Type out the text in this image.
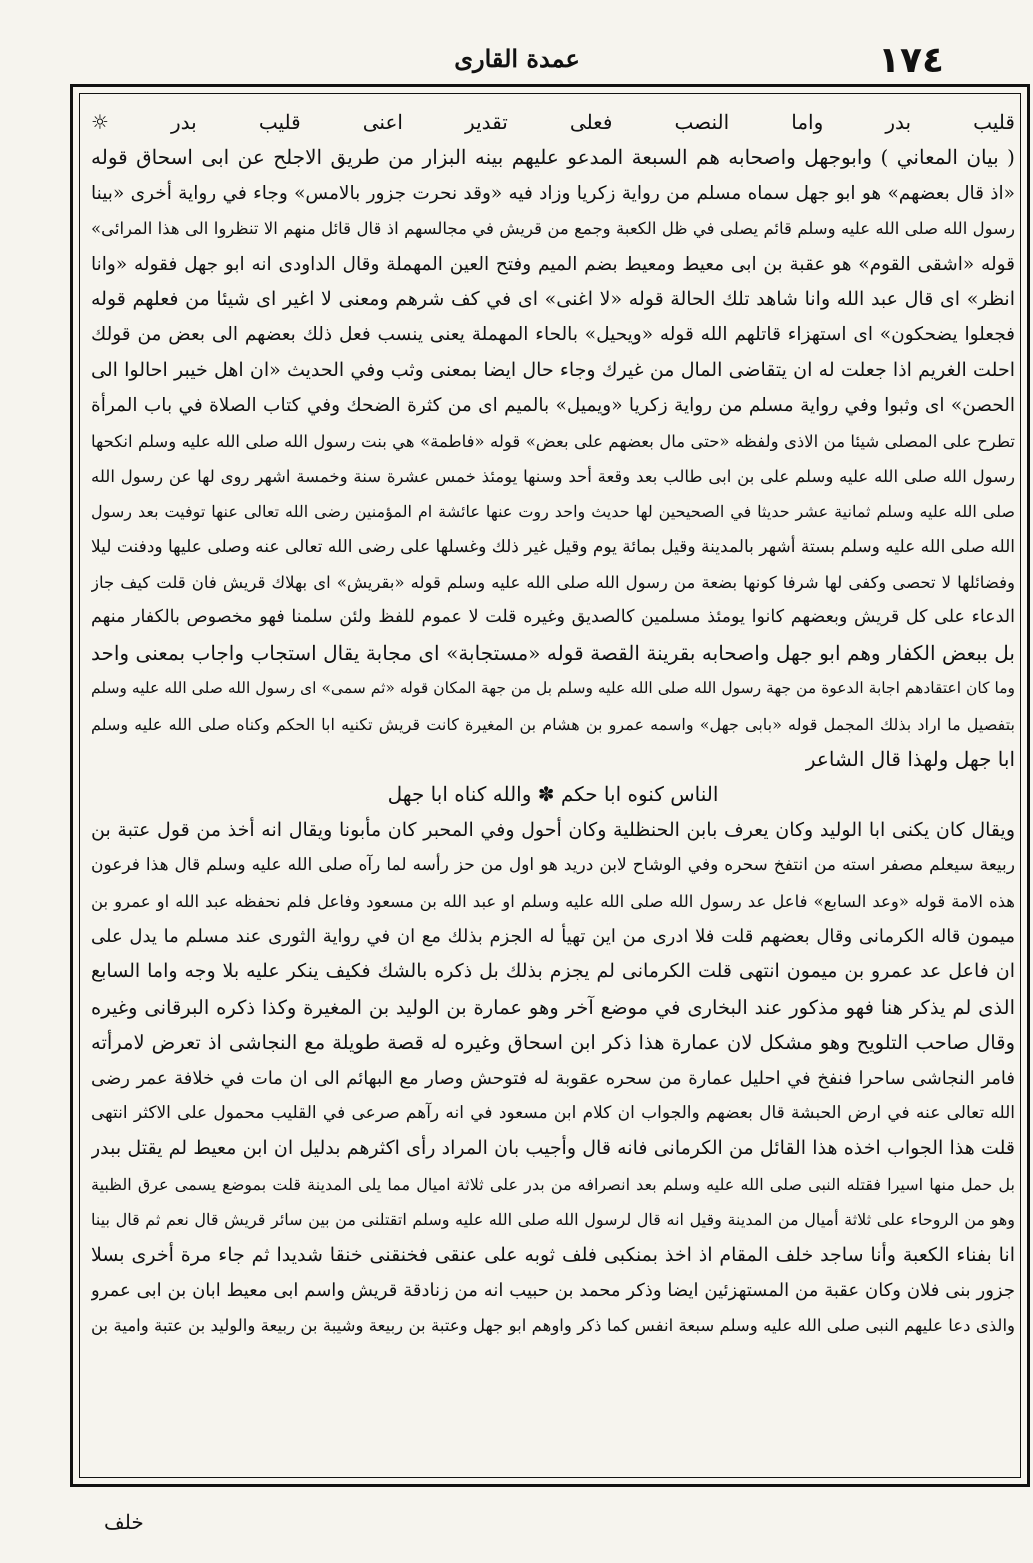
١٧٤
عمدة القارى
قليب بدر واما النصب فعلى تقدير اعنى قليب بدر ☼
( بيان المعاني ) وابوجهل واصحابه هم السبعة المدعو عليهم بينه البزار من طريق الاجلح عن ابى اسحاق قوله
«اذ قال بعضهم» هو ابو جهل سماه مسلم من رواية زكريا وزاد فيه «وقد نحرت جزور بالامس» وجاء في رواية أخرى «بينا
رسول الله صلى الله عليه وسلم قائم يصلى في ظل الكعبة وجمع من قريش في مجالسهم اذ قال قائل منهم الا تنظروا الى هذا المرائى»
قوله «اشقى القوم» هو عقبة بن ابى معيط ومعيط بضم الميم وفتح العين المهملة وقال الداودى انه ابو جهل فقوله «وانا
انظر» اى قال عبد الله وانا شاهد تلك الحالة قوله «لا اغنى» اى في كف شرهم ومعنى لا اغير اى شيئا من فعلهم قوله
فجعلوا يضحكون» اى استهزاء قاتلهم الله قوله «ويحيل» بالحاء المهملة يعنى ينسب فعل ذلك بعضهم الى بعض من قولك
احلت الغريم اذا جعلت له ان يتقاضى المال من غيرك وجاء حال ايضا بمعنى وثب وفي الحديث «ان اهل خيبر احالوا الى
الحصن» اى وثبوا وفي رواية مسلم من رواية زكريا «ويميل» بالميم اى من كثرة الضحك وفي كتاب الصلاة في باب المرأة
تطرح على المصلى شيئا من الاذى ولفظه «حتى مال بعضهم على بعض» قوله «فاطمة» هي بنت رسول الله صلى الله عليه وسلم انكحها
رسول الله صلى الله عليه وسلم على بن ابى طالب بعد وقعة أحد وسنها يومئذ خمس عشرة سنة وخمسة اشهر روى لها عن رسول الله
صلى الله عليه وسلم ثمانية عشر حديثا في الصحيحين لها حديث واحد روت عنها عائشة ام المؤمنين رضى الله تعالى عنها توفيت بعد رسول
الله صلى الله عليه وسلم بستة أشهر بالمدينة وقيل بمائة يوم وقيل غير ذلك وغسلها على رضى الله تعالى عنه وصلى عليها ودفنت ليلا
وفضائلها لا تحصى وكفى لها شرفا كونها بضعة من رسول الله صلى الله عليه وسلم قوله «بقريش» اى بهلاك قريش فان قلت كيف جاز
الدعاء على كل قريش وبعضهم كانوا يومئذ مسلمين كالصديق وغيره قلت لا عموم للفظ ولئن سلمنا فهو مخصوص بالكفار منهم
بل ببعض الكفار وهم ابو جهل واصحابه بقرينة القصة قوله «مستجابة» اى مجابة يقال استجاب واجاب بمعنى واحد
وما كان اعتقادهم اجابة الدعوة من جهة رسول الله صلى الله عليه وسلم بل من جهة المكان قوله «ثم سمى» اى رسول الله صلى الله عليه وسلم
بتفصيل ما اراد بذلك المجمل قوله «بابى جهل» واسمه عمرو بن هشام بن المغيرة كانت قريش تكنيه ابا الحكم وكناه صلى الله عليه وسلم
ابا جهل ولهذا قال الشاعر
الناس كنوه ابا حكم ✽ والله كناه ابا جهل
ويقال كان يكنى ابا الوليد وكان يعرف بابن الحنظلية وكان أحول وفي المحبر كان مأبونا ويقال انه أخذ من قول عتبة بن
ربيعة سيعلم مصفر استه من انتفخ سحره وفي الوشاح لابن دريد هو اول من حز رأسه لما رآه صلى الله عليه وسلم قال هذا فرعون
هذه الامة قوله «وعد السابع» فاعل عد رسول الله صلى الله عليه وسلم او عبد الله بن مسعود وفاعل فلم نحفظه عبد الله او عمرو بن
ميمون قاله الكرمانى وقال بعضهم قلت فلا ادرى من اين تهيأ له الجزم بذلك مع ان في رواية الثورى عند مسلم ما يدل على
ان فاعل عد عمرو بن ميمون انتهى قلت الكرمانى لم يجزم بذلك بل ذكره بالشك فكيف ينكر عليه بلا وجه واما السابع
الذى لم يذكر هنا فهو مذكور عند البخارى في موضع آخر وهو عمارة بن الوليد بن المغيرة وكذا ذكره البرقانى وغيره
وقال صاحب التلويح وهو مشكل لان عمارة هذا ذكر ابن اسحاق وغيره له قصة طويلة مع النجاشى اذ تعرض لامرأته
فامر النجاشى ساحرا فنفخ في احليل عمارة من سحره عقوبة له فتوحش وصار مع البهائم الى ان مات في خلافة عمر رضى
الله تعالى عنه في ارض الحبشة قال بعضهم والجواب ان كلام ابن مسعود في انه رآهم صرعى في القليب محمول على الاكثر انتهى
قلت هذا الجواب اخذه هذا القائل من الكرمانى فانه قال وأجيب بان المراد رأى اكثرهم بدليل ان ابن معيط لم يقتل ببدر
بل حمل منها اسيرا فقتله النبى صلى الله عليه وسلم بعد انصرافه من بدر على ثلاثة اميال مما يلى المدينة قلت بموضع يسمى عرق الظبية
وهو من الروحاء على ثلاثة أميال من المدينة وقيل انه قال لرسول الله صلى الله عليه وسلم اتقتلنى من بين سائر قريش قال نعم ثم قال بينا
انا بفناء الكعبة وأنا ساجد خلف المقام اذ اخذ بمنكبى فلف ثوبه على عنقى فخنقنى خنقا شديدا ثم جاء مرة أخرى بسلا
جزور بنى فلان وكان عقبة من المستهزئين ايضا وذكر محمد بن حبيب انه من زنادقة قريش واسم ابى معيط ابان بن ابى عمرو
والذى دعا عليهم النبى صلى الله عليه وسلم سبعة انفس كما ذكر واوهم ابو جهل وعتبة بن ربيعة وشيبة بن ربيعة والوليد بن عتبة وامية بن
خلف
